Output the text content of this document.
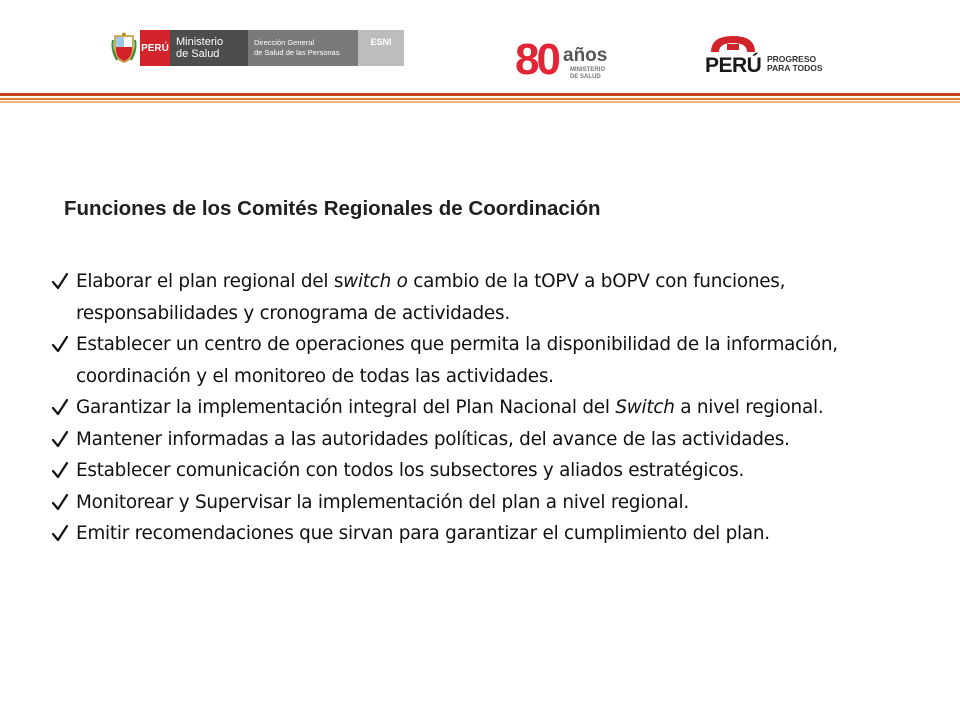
PERÚ Ministerio
de Salud
Dirección General
de Salud de las Personas
ESNI	80 años
MINISTERIO
DE SALUD	PERÚ PROGRESO
PARA TODOS
Funciones de los Comités Regionales de Coordinación
Elaborar el plan regional del switch o cambio de la tOPV a bOPV con funciones, responsabilidades y cronograma de actividades.
Establecer un centro de operaciones que permita la disponibilidad de la información, coordinación y el monitoreo de todas las actividades.
Garantizar la implementación integral del Plan Nacional del Switch a nivel regional.
Mantener informadas a las autoridades políticas, del avance de las actividades.
Establecer comunicación con todos los subsectores y aliados estratégicos.
Monitorear y Supervisar la implementación del plan a nivel regional.
Emitir recomendaciones que sirvan para garantizar el cumplimiento del plan.
